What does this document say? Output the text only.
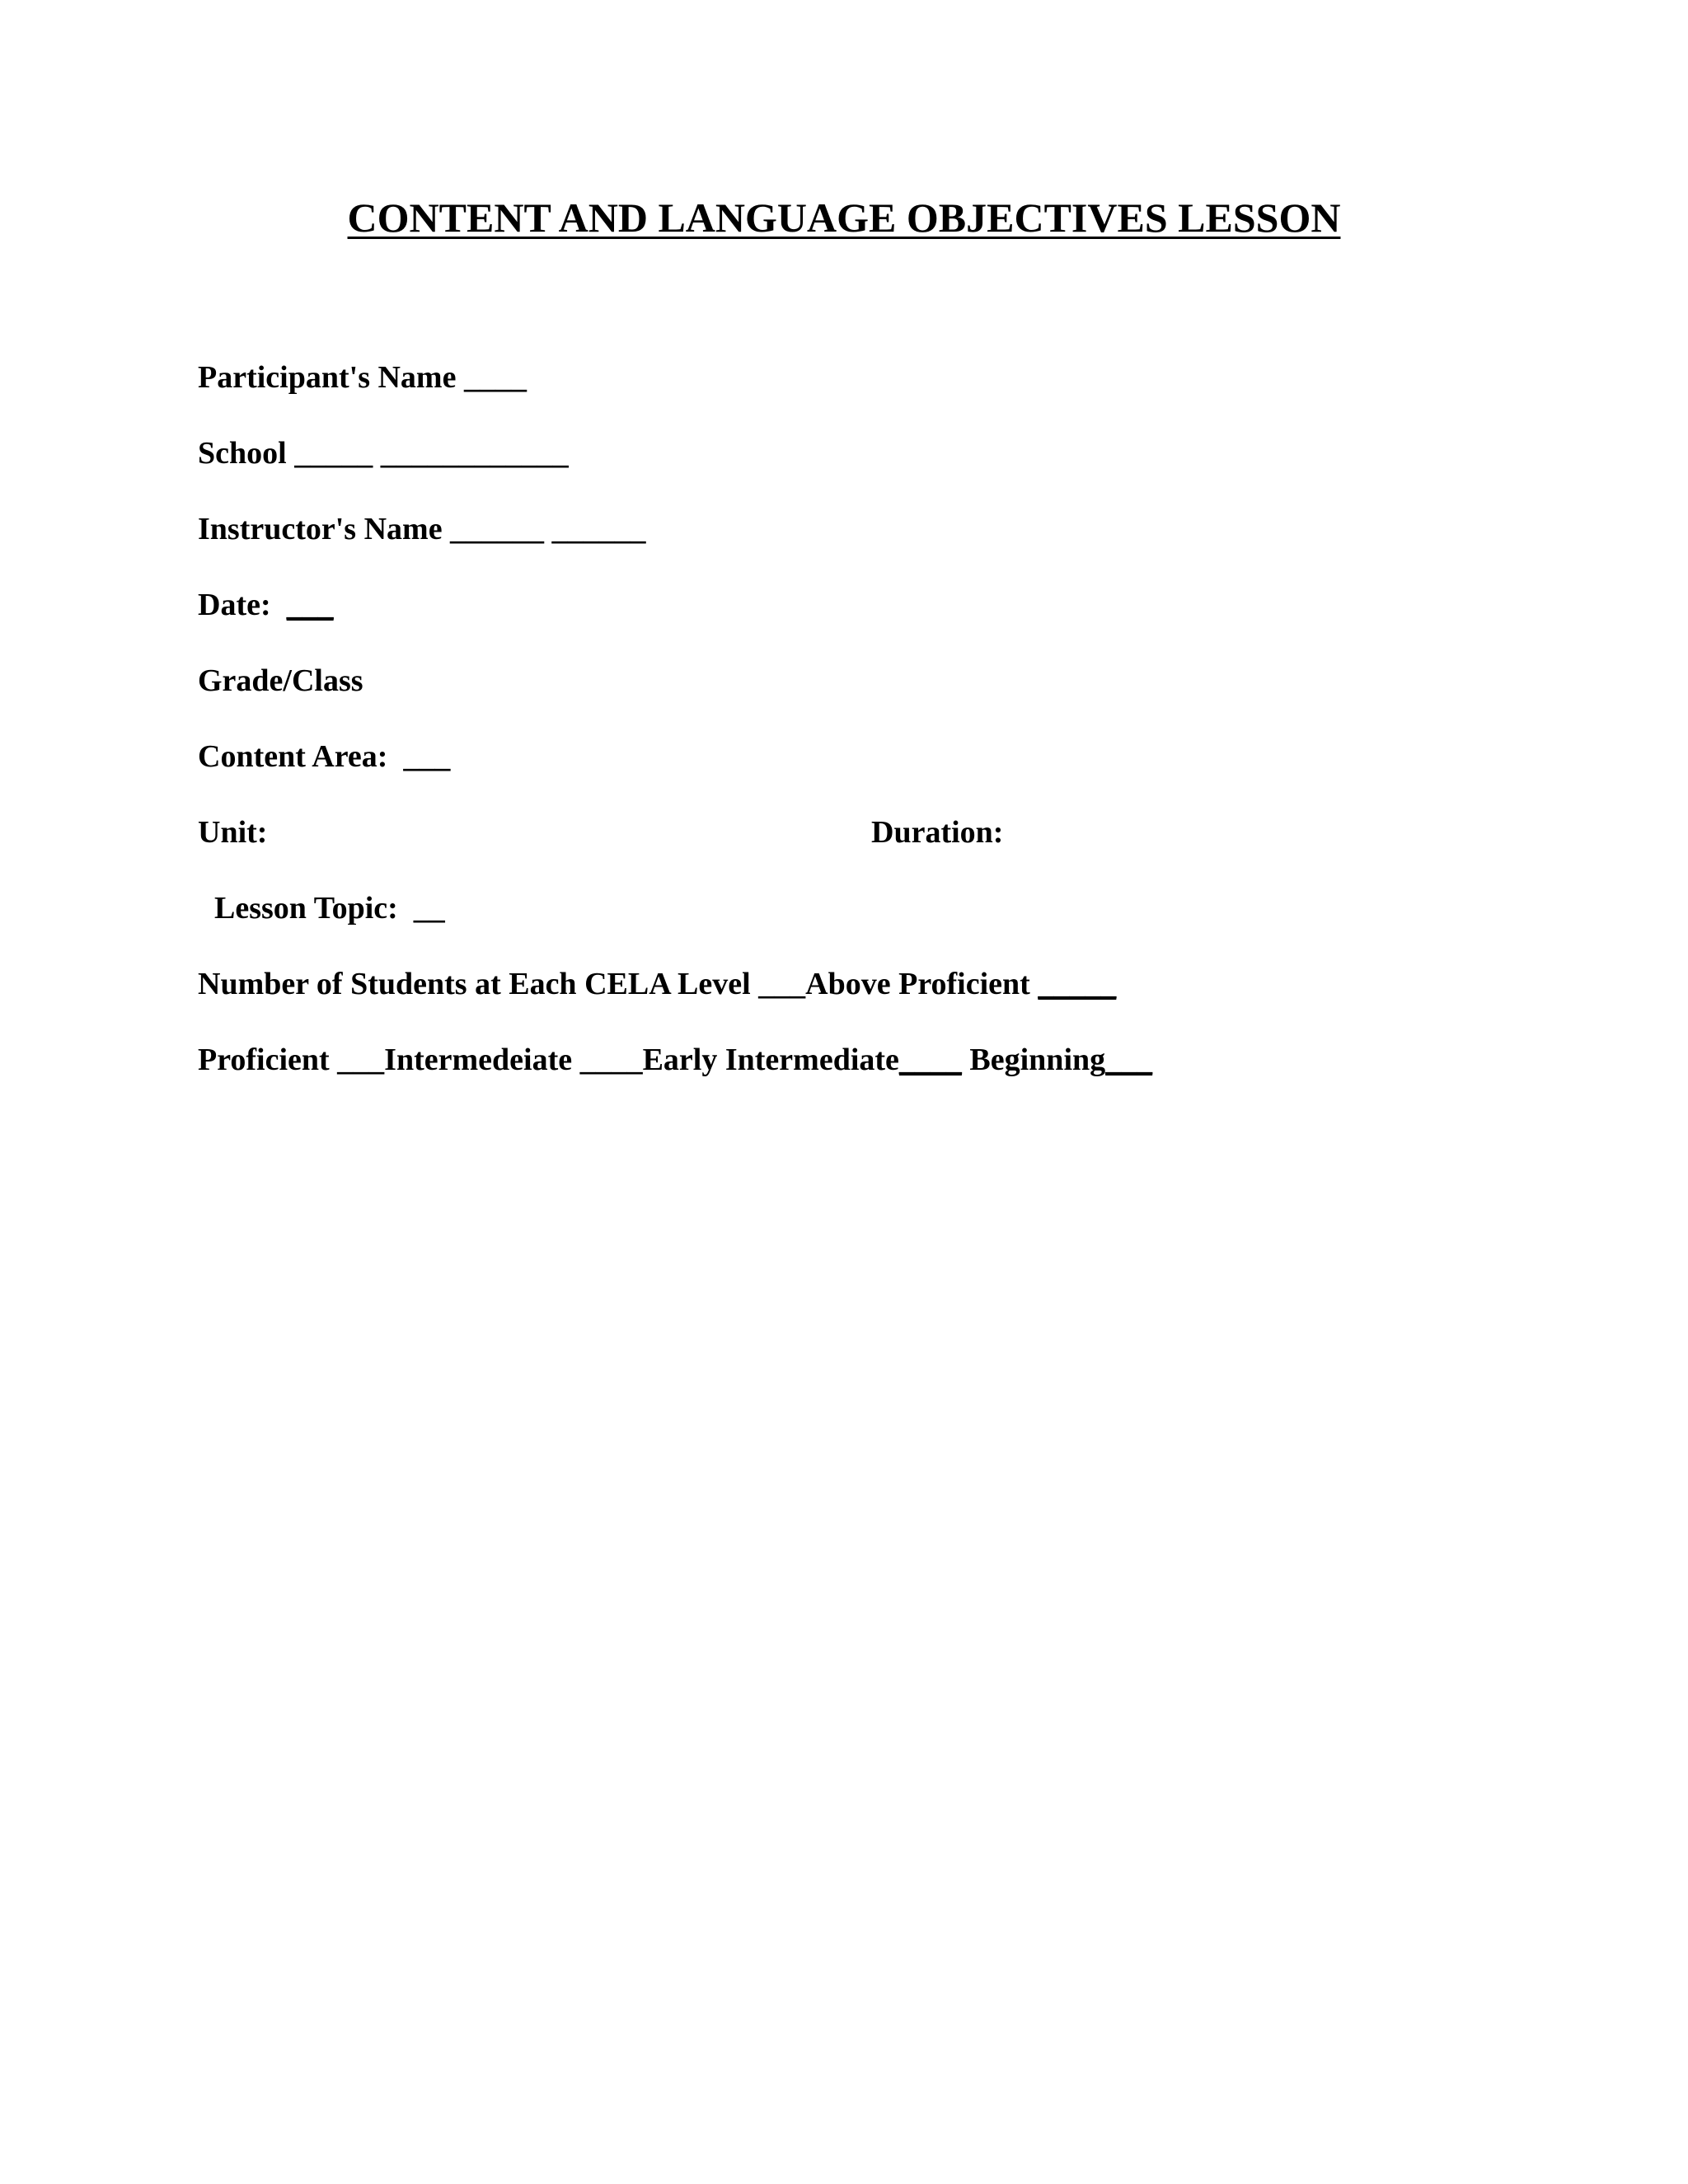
CONTENT AND LANGUAGE OBJECTIVES LESSON
Participant's Name ____
School _____ ____________
Instructor's Name ______ ______
Date:  ___
Grade/Class
Content Area:  ___
Unit:	Duration:
Lesson Topic:  __
Number of Students at Each CELA Level ___Above Proficient _____
Proficient ___Intermedeiate ____Early Intermediate____ Beginning___
